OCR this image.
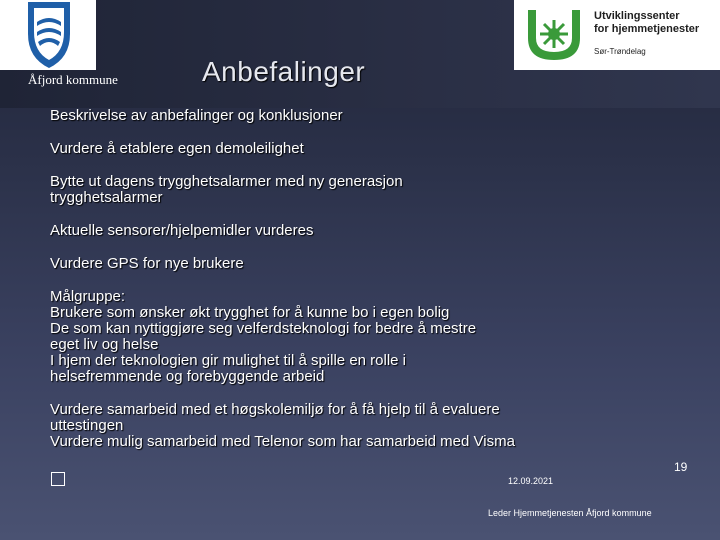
Åfjord kommune	Anbefalinger
Utviklingssenter
for hjemmetjenester
Sør-Trøndelag
Beskrivelse av anbefalinger og konklusjoner
Vurdere å etablere egen demoleilighet
Bytte ut dagens trygghetsalarmer med ny generasjon
trygghetsalarmer
Aktuelle sensorer/hjelpemidler vurderes
Vurdere GPS for nye brukere
Målgruppe:
Brukere som ønsker økt trygghet for å kunne bo i egen bolig
De som kan nyttiggjøre seg velferdsteknologi for bedre å mestre
eget liv og helse
I hjem der teknologien gir mulighet til å spille en rolle i
helsefremmende og forebyggende arbeid
Vurdere samarbeid med et høgskolemiljø for å få hjelp til å evaluere
uttestingen
Vurdere mulig samarbeid med Telenor som har samarbeid med Visma
12.09.2021
19
Leder Hjemmetjenesten Åfjord kommune
